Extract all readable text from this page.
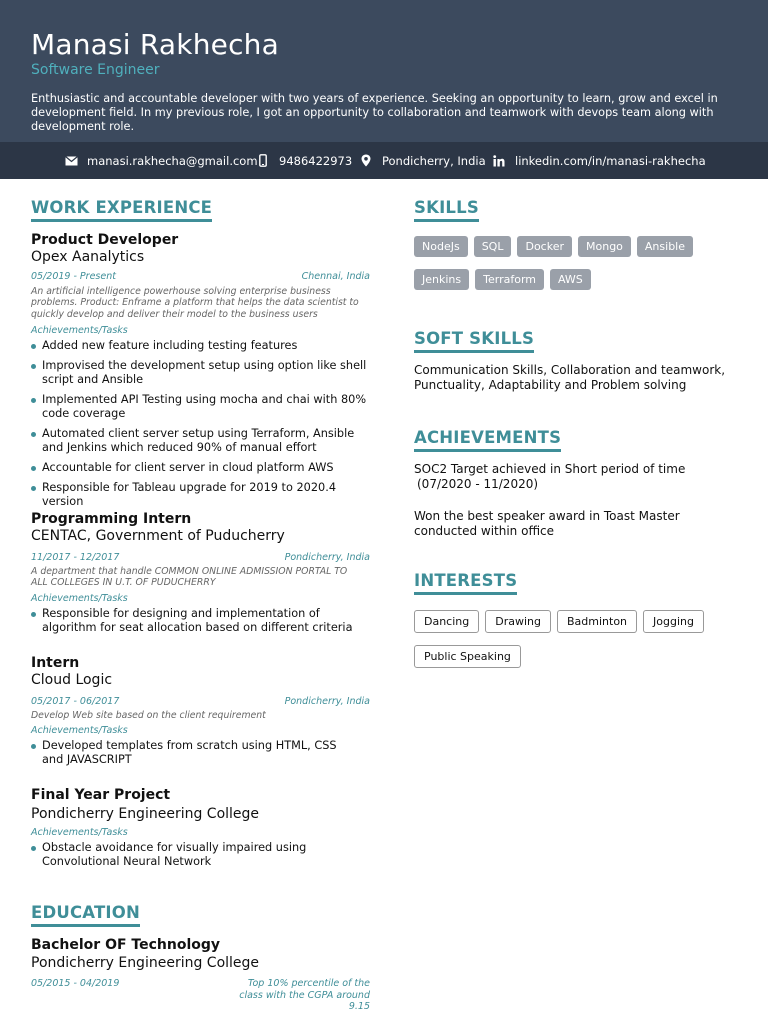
Manasi Rakhecha
Software Engineer
Enthusiastic and accountable developer with two years of experience. Seeking an opportunity to learn, grow and excel in development field. In my previous role, I got an opportunity to collaboration and teamwork with devops team along with development role.
manasi.rakhecha@gmail.com 9486422973	Pondicherry, India	linkedin.com/in/manasi-rakhecha
WORK EXPERIENCE
Product Developer
Opex Aanalytics
05/2019 - Present	Chennai, India
An artificial intelligence powerhouse solving enterprise business problems. Product: Enframe a platform that helps the data scientist to quickly develop and deliver their model to the business users
Achievements/Tasks
Added new feature including testing features
Improvised the development setup using option like shell script and Ansible
Implemented API Testing using mocha and chai with 80% code coverage
Automated client server setup using Terraform, Ansible and Jenkins which reduced 90% of manual effort
Accountable for client server in cloud platform AWS
Responsible for Tableau upgrade for 2019 to 2020.4 version
Programming Intern
CENTAC, Government of Puducherry
11/2017 - 12/2017	Pondicherry, India
A department that handle COMMON ONLINE ADMISSION PORTAL TO ALL COLLEGES IN U.T. OF PUDUCHERRY
Achievements/Tasks
Responsible for designing and implementation of algorithm for seat allocation based on different criteria
Intern
Cloud Logic
05/2017 - 06/2017	Pondicherry, India
Develop Web site based on the client requirement
Achievements/Tasks
Developed templates from scratch using HTML, CSS and JAVASCRIPT
Final Year Project
Pondicherry Engineering College
Achievements/Tasks
Obstacle avoidance for visually impaired using Convolutional Neural Network
EDUCATION
Bachelor OF Technology
Pondicherry Engineering College
05/2015 - 04/2019	Top 10% percentile of the class with the CGPA around 9.15
SKILLS
NodeJs	SQL	Docker	Mongo	Ansible
Jenkins	Terraform	AWS
SOFT SKILLS
Communication Skills, Collaboration and teamwork, Punctuality, Adaptability and Problem solving
ACHIEVEMENTS
SOC2 Target achieved in Short period of time
(07/2020 - 11/2020)
Won the best speaker award in Toast Master conducted within office
INTERESTS
Dancing	Drawing	Badminton	Jogging
Public Speaking
